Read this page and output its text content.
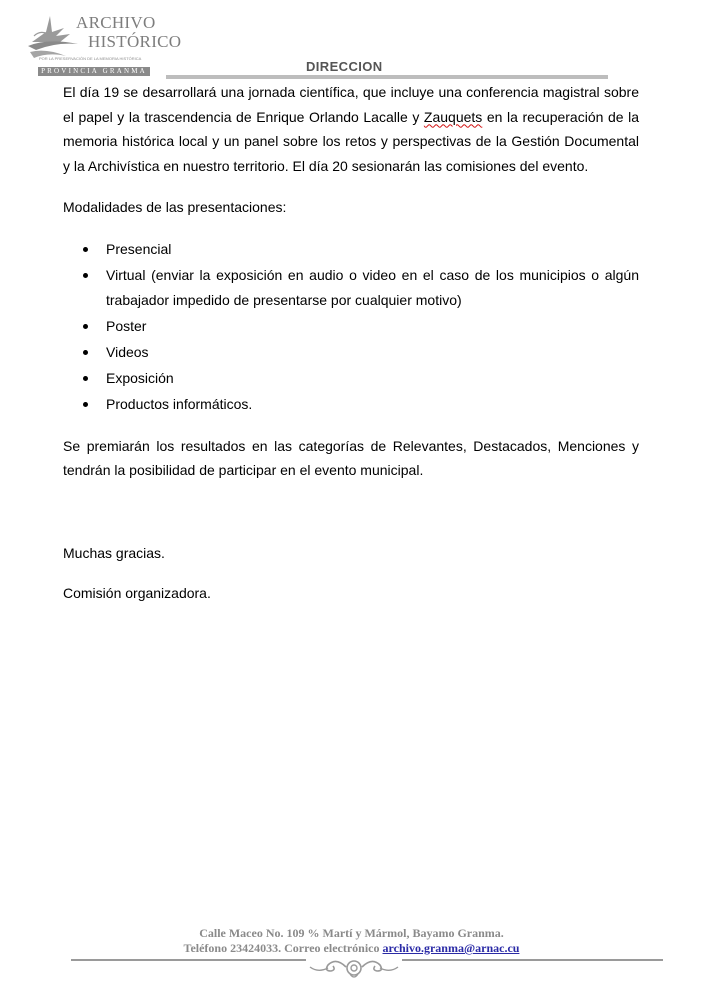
ARCHIVO
HISTÓRICO
POR LA PRESERVACIÓN DE LA MEMORIA HISTÓRICA
PROVINCIA GRANMA	DIRECCION

El día 19 se desarrollará una jornada científica, que incluye una conferencia magistral sobre el papel y la trascendencia de Enrique Orlando Lacalle y Zauquets en la recuperación de la memoria histórica local y un panel sobre los retos y perspectivas de la Gestión Documental y la Archivística en nuestro territorio. El día 20 sesionarán las comisiones del evento.

Modalidades de las presentaciones:

Presencial
Virtual (enviar la exposición en audio o video en el caso de los municipios o algún trabajador impedido de presentarse por cualquier motivo)
Poster
Videos
Exposición
Productos informáticos.

Se premiarán los resultados en las categorías de Relevantes, Destacados, Menciones y tendrán la posibilidad de participar en el evento municipal.

Muchas gracias.

Comisión organizadora.

Calle Maceo No. 109 % Martí y Mármol, Bayamo Granma.
Teléfono 23424033. Correo electrónico archivo.granma@arnac.cu
